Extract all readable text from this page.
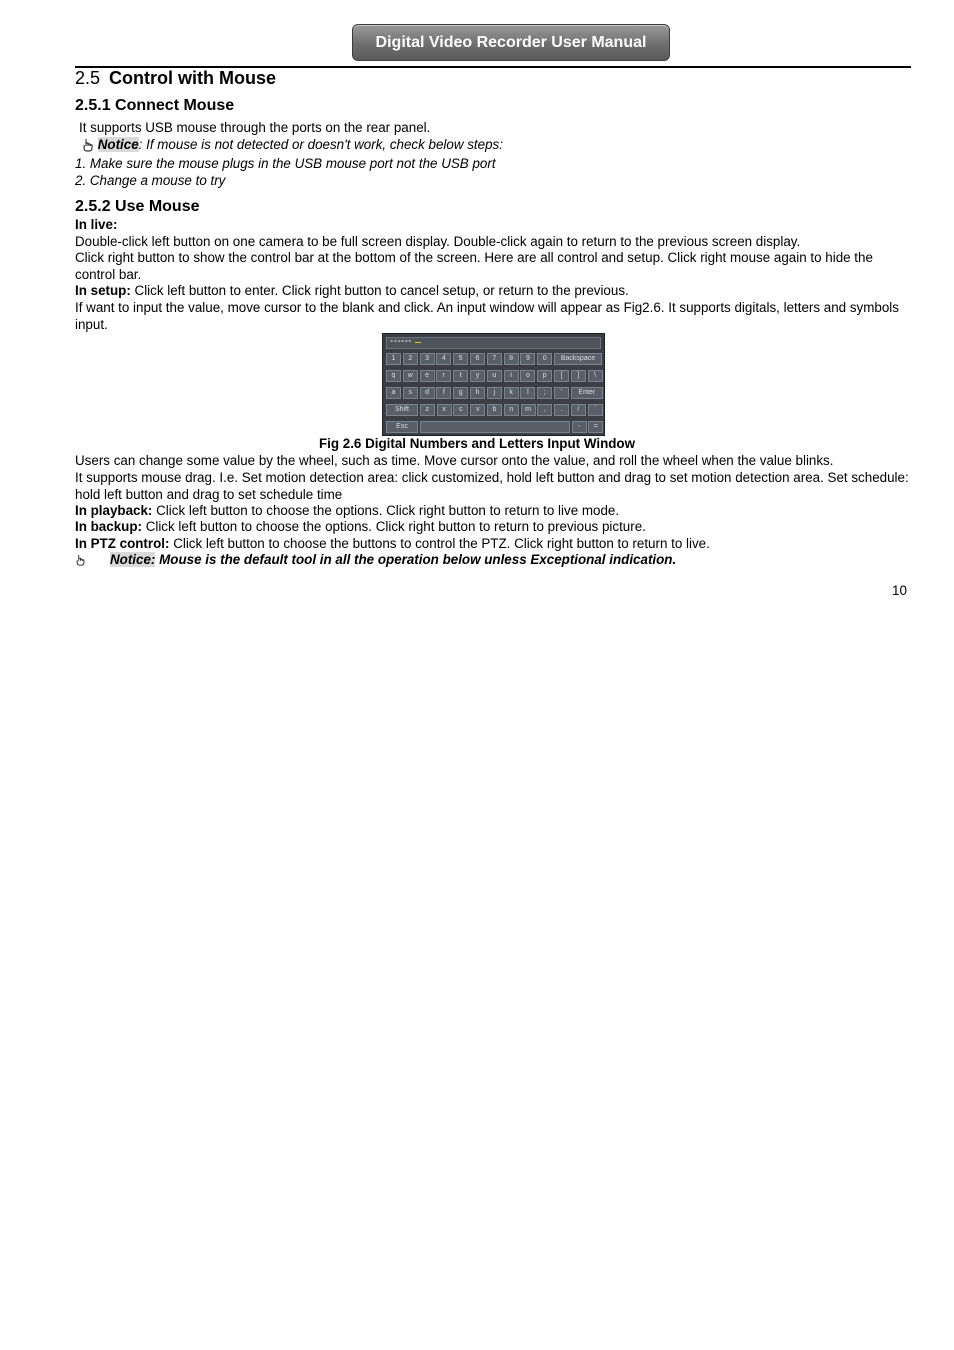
Digital Video Recorder User Manual
2.5 Control with Mouse
2.5.1 Connect Mouse
It supports USB mouse through the ports on the rear panel.
Notice: If mouse is not detected or doesn't work, check below steps:
1. Make sure the mouse plugs in the USB mouse port not the USB port
2. Change a mouse to try
2.5.2 Use Mouse
In live:
Double-click left button on one camera to be full screen display. Double-click again to return to the previous screen display.
Click right button to show the control bar at the bottom of the screen. Here are all control and setup. Click right mouse again to hide the control bar.
In setup: Click left button to enter. Click right button to cancel setup, or return to the previous.
If want to input the value, move cursor to the blank and click. An input window will appear as Fig2.6. It supports digitals, letters and symbols input.
******
1	2	3	4	5	6	7	8	9	0	Backspace
q	w	e	r	t	y	u	i	o	p	[	]	\
a	s	d	f	g	h	j	k	l	;	'	Enter
Shift	z	x	c	v	b	n	m	,	.	/	`
Esc	-	=
Fig 2.6 Digital Numbers and Letters Input Window
Users can change some value by the wheel, such as time. Move cursor onto the value, and roll the wheel when the value blinks.
It supports mouse drag. I.e. Set motion detection area: click customized, hold left button and drag to set motion detection area. Set schedule: hold left button and drag to set schedule time
In playback: Click left button to choose the options. Click right button to return to live mode.
In backup: Click left button to choose the options. Click right button to return to previous picture.
In PTZ control: Click left button to choose the buttons to control the PTZ. Click right button to return to live.
Notice: Mouse is the default tool in all the operation below unless Exceptional indication.
10
